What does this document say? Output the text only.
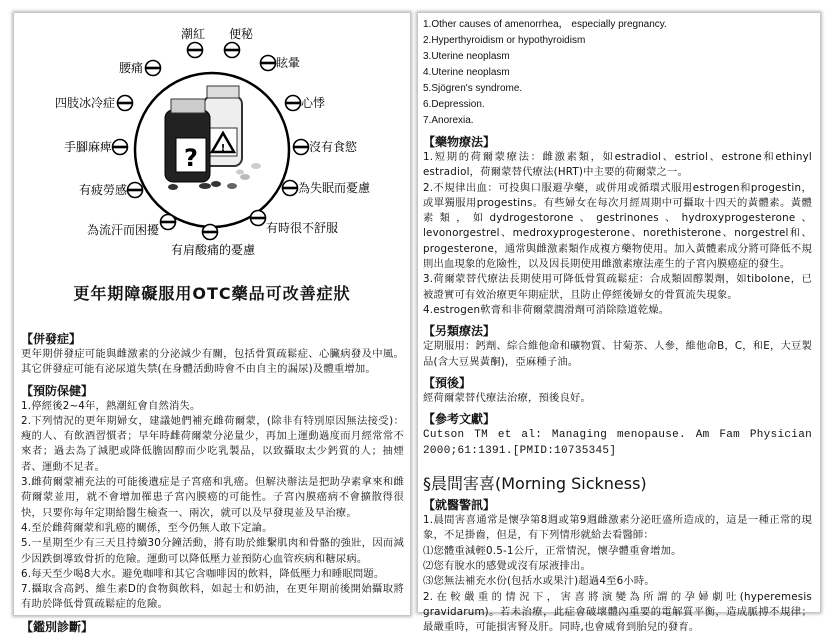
!
?
潮紅 便秘
腰痛	眩暈
四肢冰冷症	心悸
手腳麻痺	沒有食慾
有疲勞感	為失眠而憂慮
為流汗而困擾	有時很不舒服
有肩酸痛的憂慮
更年期障礙服用OTC藥品可改善症狀
【併發症】
更年期併發症可能與雌激素的分泌減少有關，包括骨質疏鬆症、心臟病發及中風。其它併發症可能有泌尿道失禁(在身體活動時會不由自主的漏尿)及體重增加。
【預防保健】
1.停經後2~4年，熱潮紅會自然消失。
2.下列情況的更年期婦女，建議她們補充雌荷爾蒙，(除非有特別原因無法接受)：瘦的人、有飲酒習慣者；早年時雌荷爾蒙分泌量少，再加上運動過度而月經常常不來者；過去為了減肥或降低膽固醇而少吃乳製品，以致攝取太少鈣質的人；抽煙者、運動不足者。
3.雌荷爾蒙補充法的可能後遺症是子宮癌和乳癌。但解決辦法是把助孕素拿來和雌荷爾蒙並用，就不會增加罹患子宮內膜癌的可能性。子宮內膜癌病不會擴散得很快，只要你每年定期給醫生檢查一、兩次，就可以及早發現並及早治療。
4.至於雌荷爾蒙和乳癌的關係，至今仍無人敢下定論。
5.一星期至少有三天且持續30分鐘活動，將有助於維繫肌肉和骨骼的強壯，因而減少因跌倒導致骨折的危險。運動可以降低壓力並預防心血管疾病和糖尿病。
6.每天至少喝8大水。避免咖啡和其它含咖啡因的飲料，降低壓力和睡眠問題。
7.攝取含高鈣、維生素D的食物與飲料，如起士和奶油，在更年期前後開始攝取將有助於降低骨質疏鬆症的危險。
【鑑別診斷】
1.Other causes of amenorrhea， especially pregnancy.
2.Hyperthyroidism or hypothyroidism
3.Uterine neoplasm
4.Uterine neoplasm
5.Sjögren's syndrome.
6.Depression.
7.Anorexia.
【藥物療法】
1.短期的荷爾蒙療法：雌激素類，如estradiol、estriol、estrone和ethinyl estradiol，荷爾蒙替代療法(HRT)中主要的荷爾蒙之一。
2.不規律出血：可投與口服避孕藥，或併用或循環式服用estrogen和progestin，或單獨服用progestins。有些婦女在每次月經周期中可攝取十四天的黃體素。黃體素類，如dydrogestorone、gestrinones、hydroxyprogesterone、levonorgestrel、medroxyprogesterone、norethisterone、norgestrel和、progesterone，通常與雌激素類作成複方藥物使用。加入黃體素成分將可降低不規則出血現象的危險性，以及因長期使用雌激素療法產生的子宮內膜癌症的發生。
3.荷爾蒙替代療法長期使用可降低骨質疏鬆症：合成類固醇製劑，如tibolone，已被證實可有效治療更年期症狀，且防止停經後婦女的骨質流失現象。
4.estrogen軟膏和非荷爾蒙潤滑劑可消除陰道乾燥。
【另類療法】
定期服用：鈣劑、綜合維他命和礦物質、甘菊茶、人參，維他命B，C，和E，大豆製品(含大豆異黃酮)，亞麻種子油。
【預後】
經荷爾蒙替代療法治療，預後良好。
【參考文獻】
Cutson TM et al: Managing menopause. Am Fam Physician 2000;61:1391.[PMID:10735345]
§晨間害喜(Morning Sickness)
【就醫警訊】
1.晨間害喜通常是懷孕第8週或第9週雌激素分泌旺盛所造成的，這是一種正常的現象，不足掛齒，但是，有下列情形就給去看醫師：
⑴您體重減輕0.5-1公斤，正常情況，懷孕體重會增加。
⑵您有脫水的感覺或沒有尿液排出。
⑶您無法補充水份(包括水或果汁)超過4至6小時。
2.在較嚴重的情況下，害喜將演變為所謂的孕婦劇吐(hyperemesis gravidarum)。若未治療，此症會破壞體內重要的電解質平衡，造成脈搏不規律；最嚴重時，可能損害腎及肝。同時,也會威脅到胎兒的發育。
